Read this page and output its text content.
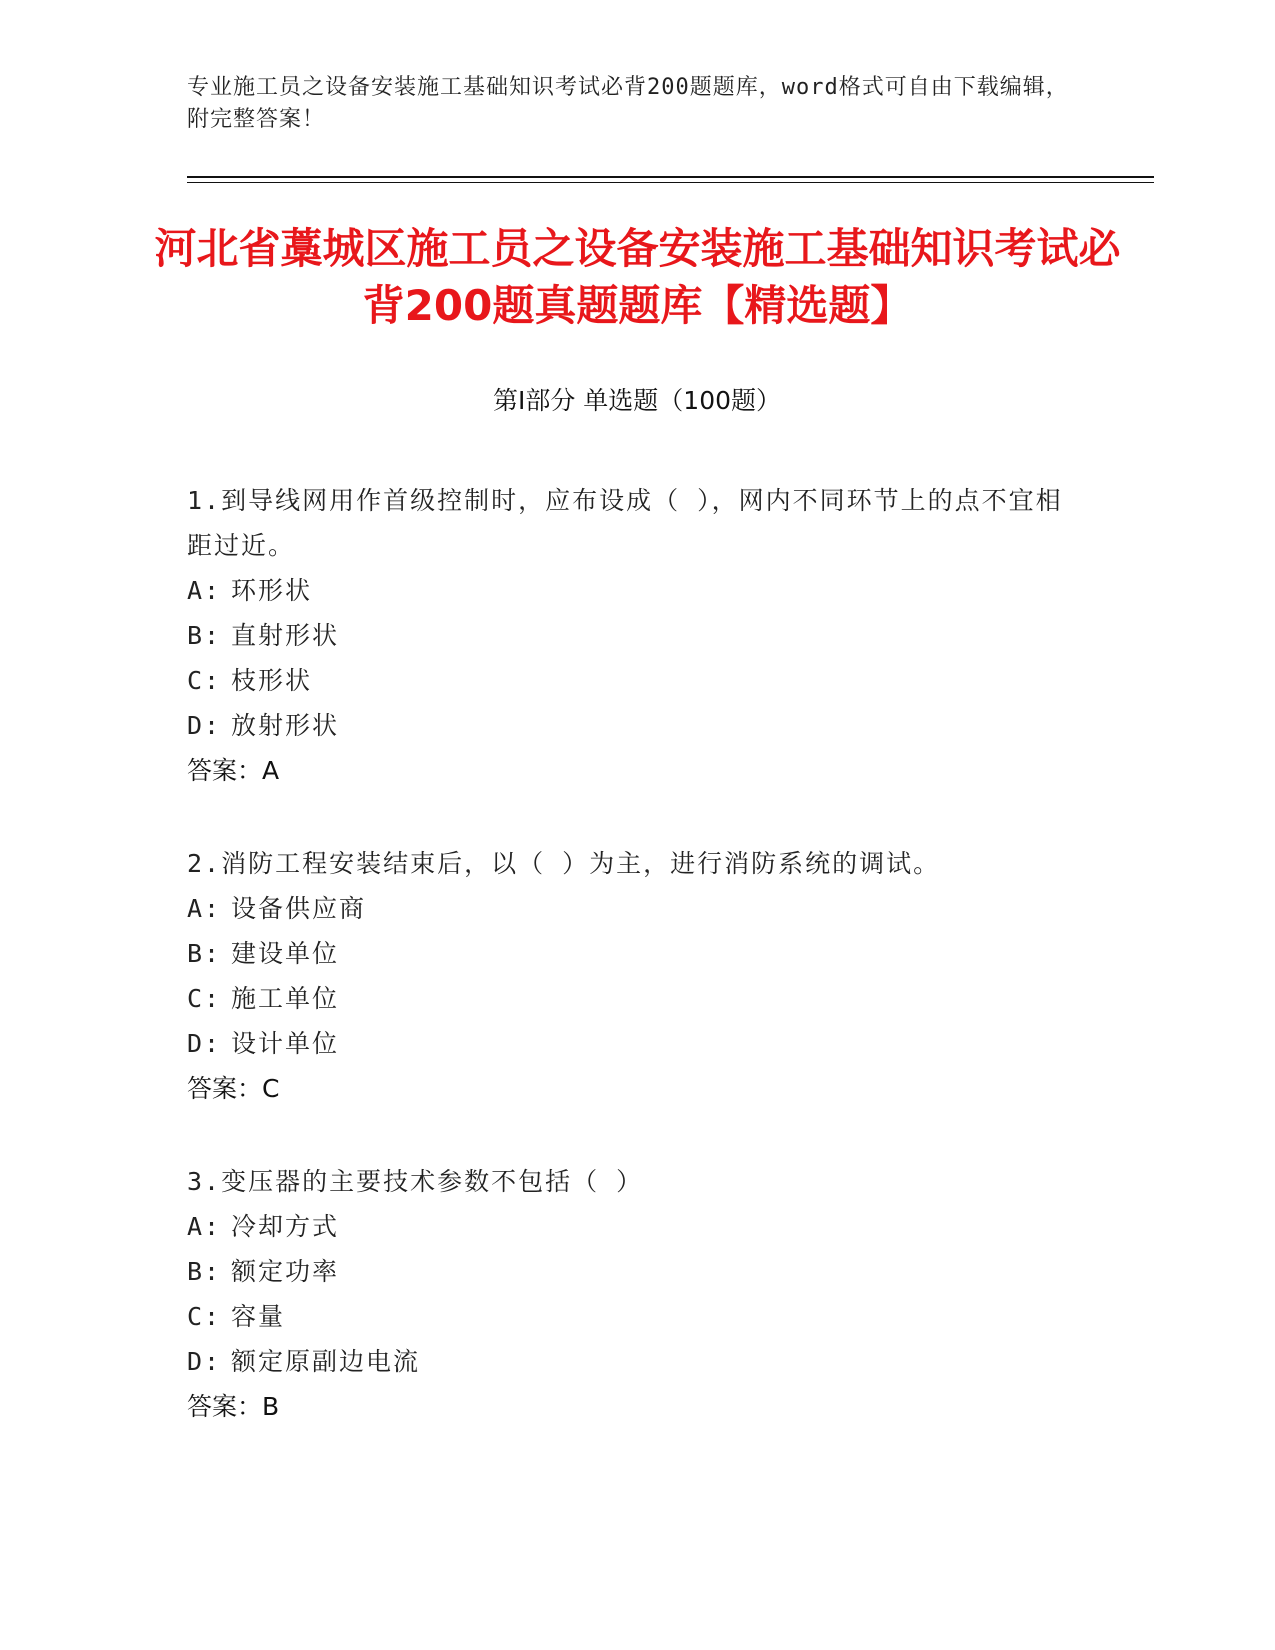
专业施工员之设备安装施工基础知识考试必背200题题库，word格式可自由下载编辑，附完整答案！
河北省藁城区施工员之设备安装施工基础知识考试必背200题真题题库【精选题】
第Ⅰ部分 单选题（100题）
1.到导线网用作首级控制时，应布设成（ ），网内不同环节上的点不宜相距过近。
A: 环形状
B: 直射形状
C: 枝形状
D: 放射形状
答案：A
2.消防工程安装结束后，以（ ）为主，进行消防系统的调试。
A: 设备供应商
B: 建设单位
C: 施工单位
D: 设计单位
答案：C
3.变压器的主要技术参数不包括（ ）
A: 冷却方式
B: 额定功率
C: 容量
D: 额定原副边电流
答案：B
